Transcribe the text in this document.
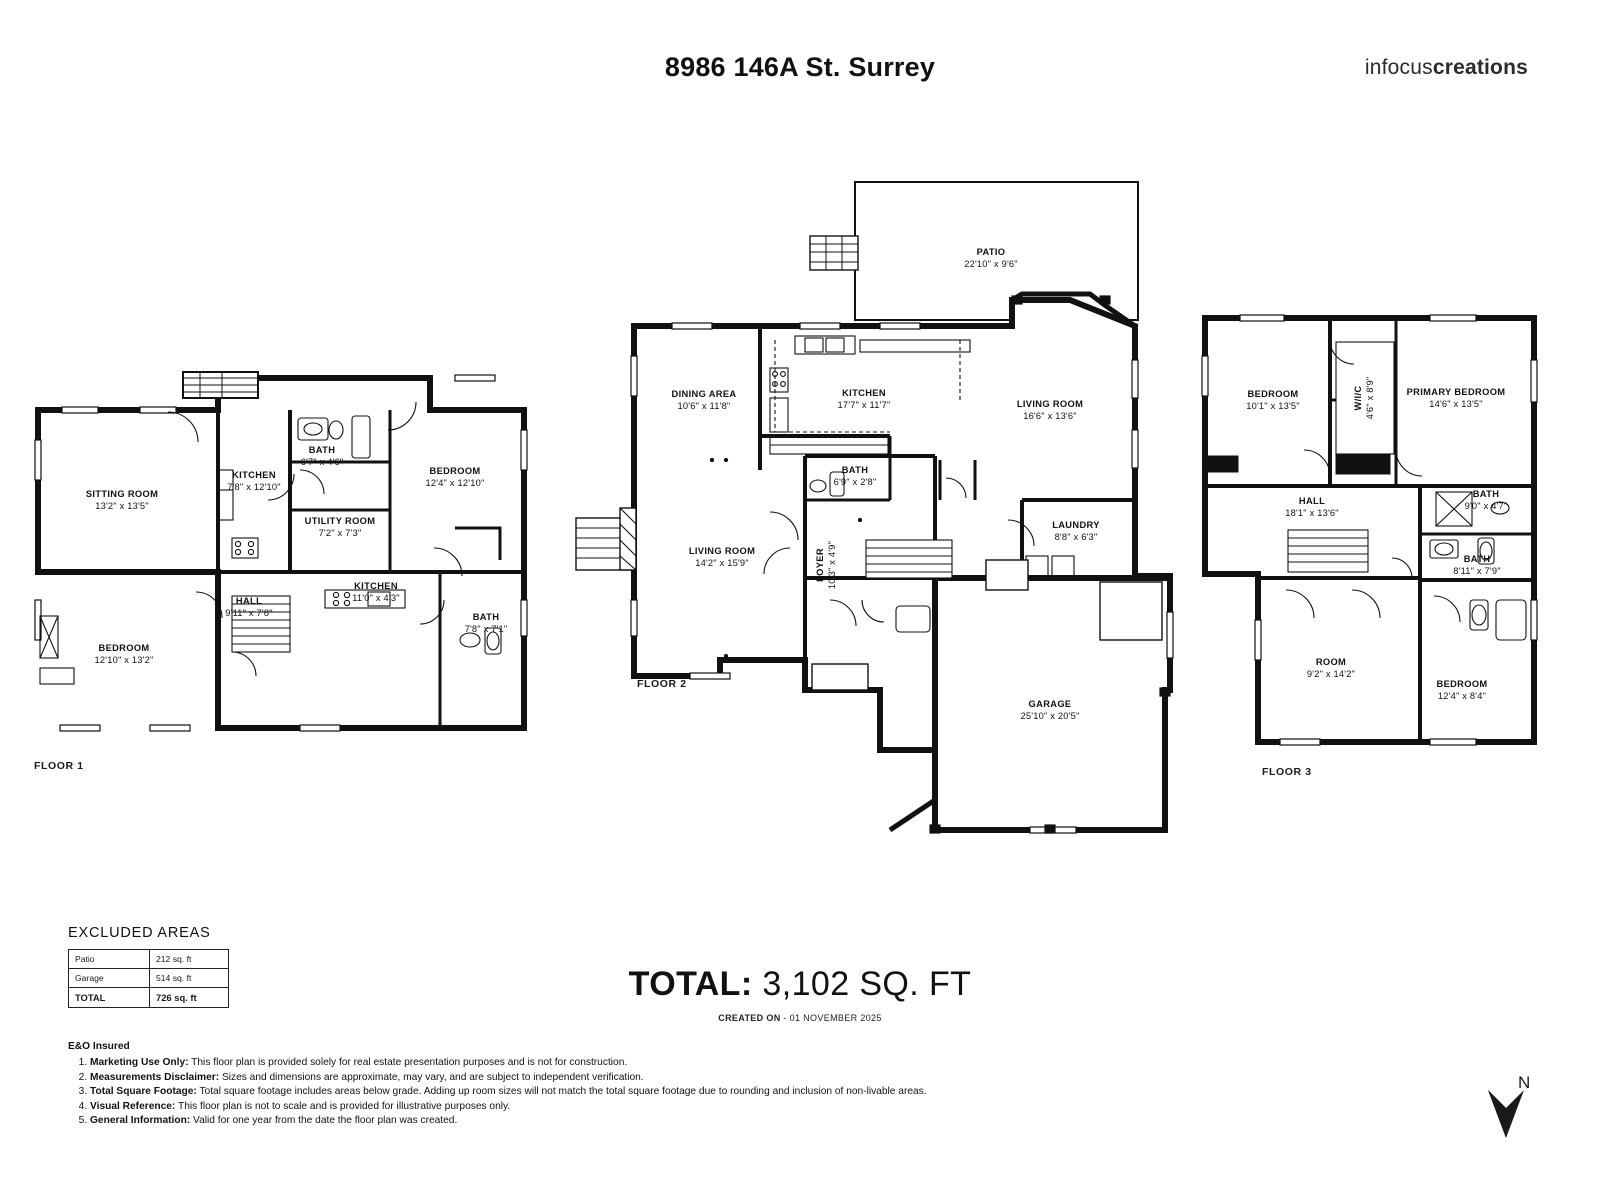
8986 146A St. Surrey	infocuscreations
FLOOR 1
FLOOR 2
FLOOR 3
SITTING ROOM
13'2" x 13'5"
KITCHEN
7'8" x 12'10"
BATH
6'7" x 4'6"
BEDROOM
12'4" x 12'10"
UTILITY ROOM
7'2" x 7'3"
HALL
9'11" x 7'8"
KITCHEN
11'0" x 4'3"
BATH
7'8" x 7'1"
BEDROOM
12'10" x 13'2"
PATIO
22'10" x 9'6"
DINING AREA
10'6" x 11'8"
KITCHEN
17'7" x 11'7"	LIVING ROOM
16'6" x 13'6"
BATH
6'9" x 2'8"
LAUNDRY
8'8" x 6'3"
LIVING ROOM
14'2" x 15'9"	FOYER 10'3" x 4'9"
GARAGE
25'10" x 20'5"
BEDROOM
10'1" x 13'5"	W/I/C 4'6" x 8'9"	PRIMARY BEDROOM
14'6" x 13'5"
HALL
18'1" x 13'6"
BATH
9'0" x 4'7"
BATH
8'11" x 7'9"
ROOM
9'2" x 14'2"
BEDROOM
12'4" x 8'4"
EXCLUDED AREAS
Patio	212 sq. ft
Garage	514 sq. ft
TOTAL	726 sq. ft	TOTAL: 3,102 SQ. FT
CREATED ON - 01 NOVEMBER 2025
E&O Insured
1. Marketing Use Only: This floor plan is provided solely for real estate presentation purposes and is not for construction.
2. Measurements Disclaimer: Sizes and dimensions are approximate, may vary, and are subject to independent verification.
3. Total Square Footage: Total square footage includes areas below grade. Adding up room sizes will not match the total square footage due to rounding and inclusion of non-livable areas.
4. Visual Reference: This floor plan is not to scale and is provided for illustrative purposes only.
5. General Information: Valid for one year from the date the floor plan was created.
N
